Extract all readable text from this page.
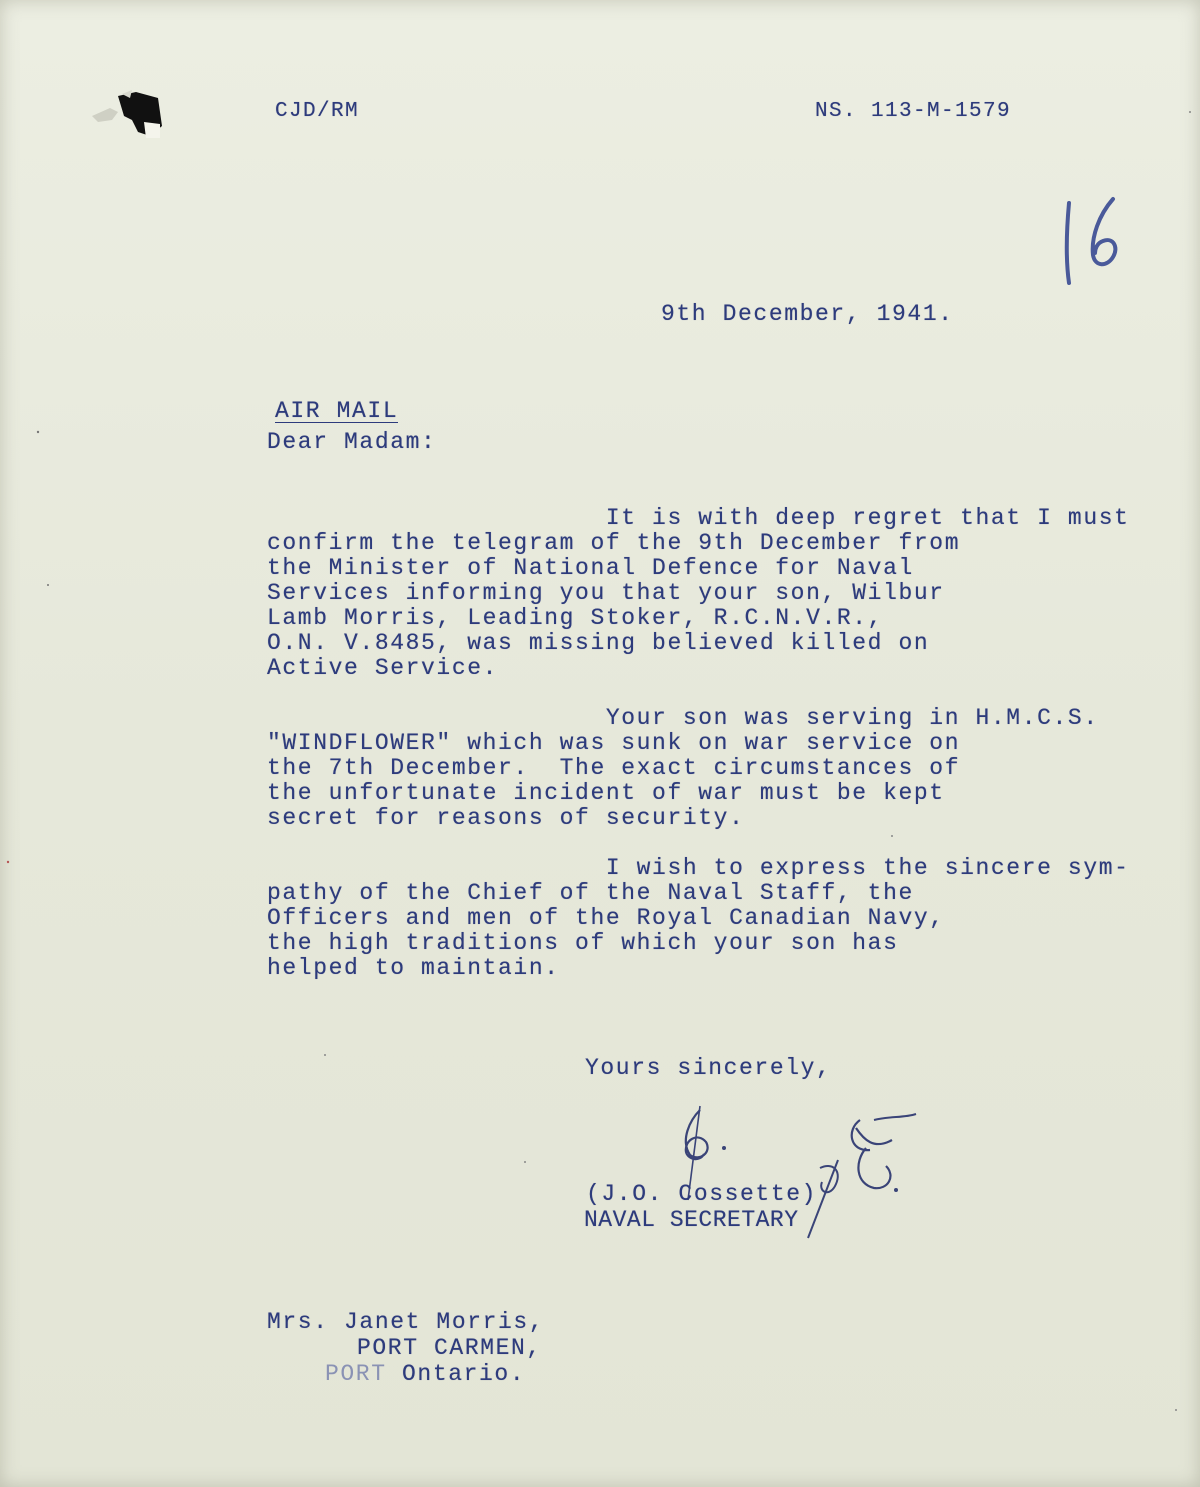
CJD/RM	NS. 113-M-1579
9th December, 1941.
AIR MAIL
Dear Madam:
It is with deep regret that I must
confirm the telegram of the 9th December from
the Minister of National Defence for Naval
Services informing you that your son, Wilbur
Lamb Morris, Leading Stoker, R.C.N.V.R.,
O.N. V.8485, was missing believed killed on
Active Service.
Your son was serving in H.M.C.S.
"WINDFLOWER" which was sunk on war service on
the 7th December.  The exact circumstances of
the unfortunate incident of war must be kept
secret for reasons of security.
I wish to express the sincere sym-
pathy of the Chief of the Naval Staff, the
Officers and men of the Royal Canadian Navy,
the high traditions of which your son has
helped to maintain.
Yours sincerely,
(J.O. Cossette)
NAVAL SECRETARY
Mrs. Janet Morris,
PORT CARMEN,
PORT Ontario.
